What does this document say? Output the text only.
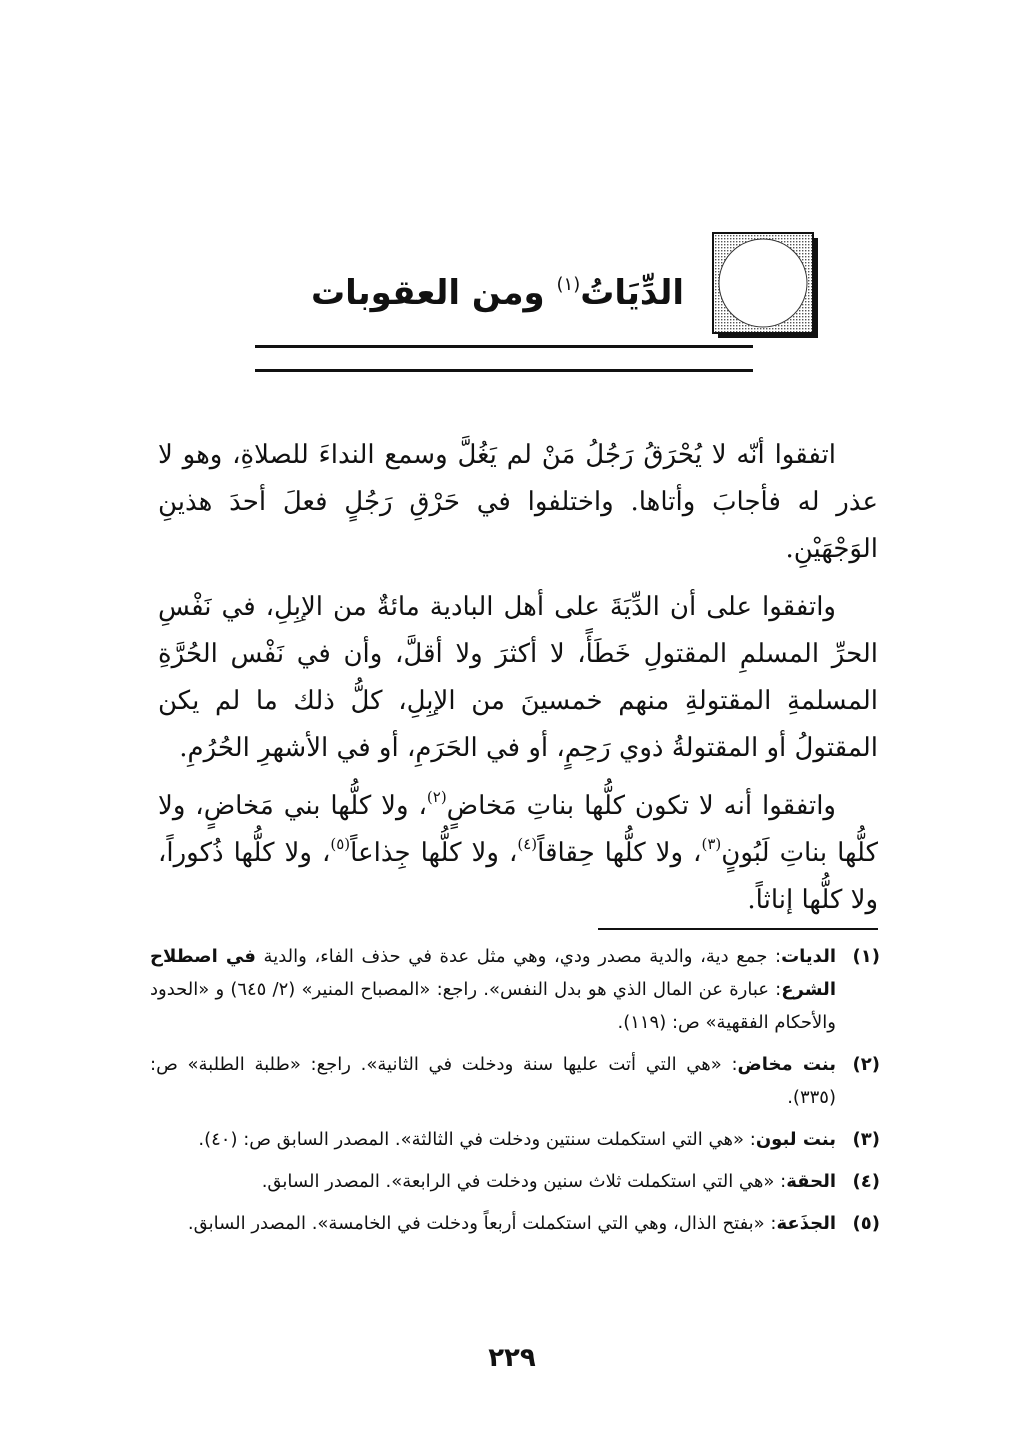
الدِّيَاتُ$^{(١)}$ ومن العقوبات

اتفقوا أنّه لا يُحْرَقُ رَجُلُ مَنْ لم يَغُلَّ وسمع النداءَ للصلاةِ، وهو لا عذر له فأجابَ وأتاها. واختلفوا في حَرْقِ رَجُلٍ فعلَ أحدَ هذينِ الوَجْهَيْنِ.

واتفقوا على أن الدِّيَةَ على أهل البادية مائةٌ من الإبِلِ، في نَفْسِ الحرِّ المسلمِ المقتولِ خَطَأً، لا أكثرَ ولا أقلَّ، وأن في نَفْس الحُرَّةِ المسلمةِ المقتولةِ منهم خمسينَ من الإبِلِ، كلُّ ذلك ما لم يكن المقتولُ أو المقتولةُ ذوي رَحِمٍ، أو في الحَرَمِ، أو في الأشهرِ الحُرُمِ.

واتفقوا أنه لا تكون كلُّها بناتِ مَخاضٍ$^{(٢)}$، ولا كلُّها بني مَخاضٍ، ولا كلُّها بناتِ لَبُونٍ$^{(٣)}$، ولا كلُّها حِقاقاً$^{(٤)}$، ولا كلُّها جِذاعاً$^{(٥)}$، ولا كلُّها ذُكوراً، ولا كلُّها إناثاً.

(١)
الديات: جمع دية، والدية مصدر ودي، وهي مثل عدة في حذف الفاء، والدية في اصطلاح الشرع: عبارة عن المال الذي هو بدل النفس». راجع: «المصباح المنير» (٢/ ٦٤٥) و «الحدود والأحكام الفقهية» ص: (١١٩).
(٢)
بنت مخاض: «هي التي أتت عليها سنة ودخلت في الثانية». راجع: «طلبة الطلبة» ص: (٣٣٥).
(٣)
بنت لبون: «هي التي استكملت سنتين ودخلت في الثالثة». المصدر السابق ص: (٤٠).
(٤)
الحقة: «هي التي استكملت ثلاث سنين ودخلت في الرابعة». المصدر السابق.
(٥)
الجذَعة: «بفتح الذال، وهي التي استكملت أربعاً ودخلت في الخامسة». المصدر السابق.
٢٢٩
